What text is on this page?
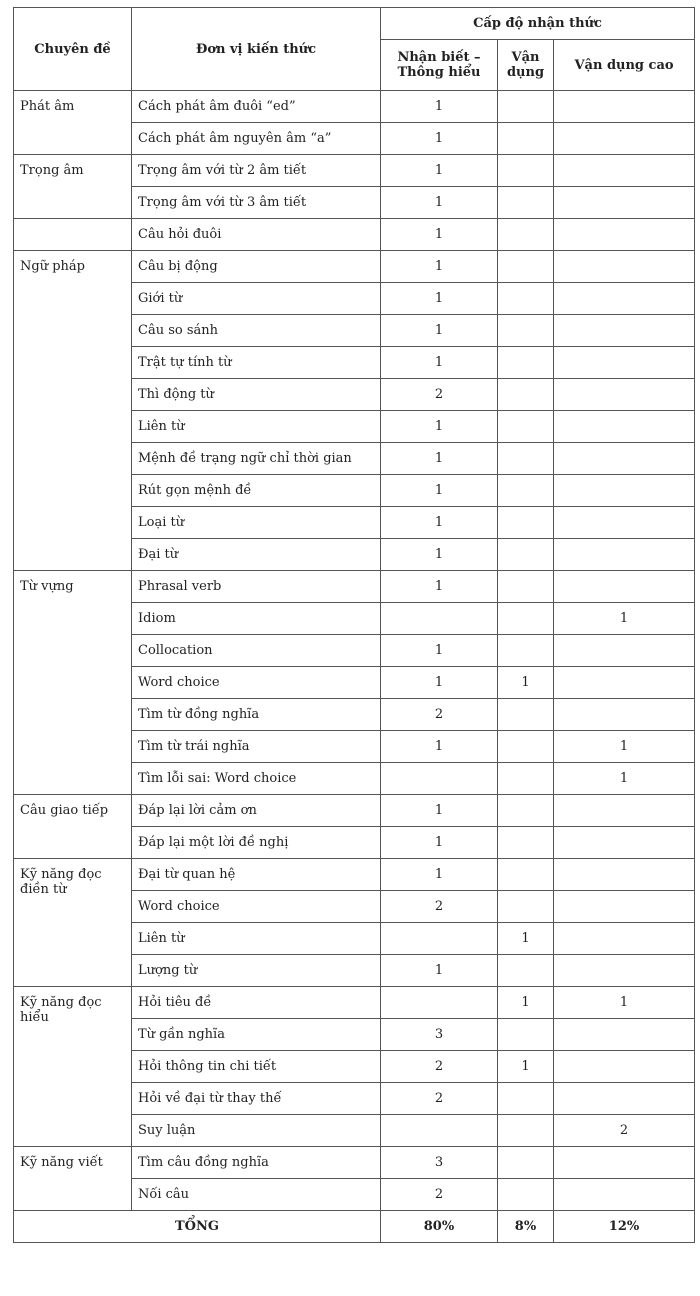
Chuyên đề	Đơn vị kiến thức	Cấp độ nhận thức		
		Nhận biết – Thông hiểu	Vận dụng	Vận dụng cao
Phát âm	Cách phát âm đuôi “ed”	1		
	Cách phát âm nguyên âm “a”	1		
Trọng âm	Trọng âm với từ 2 âm tiết	1		
	Trọng âm với từ 3 âm tiết	1		
	Câu hỏi đuôi	1		
Ngữ pháp	Câu bị động	1		
	Giới từ	1		
	Câu so sánh	1		
	Trật tự tính từ	1		
	Thì động từ	2		
	Liên từ	1		
	Mệnh đề trạng ngữ chỉ thời gian	1		
	Rút gọn mệnh đề	1		
	Loại từ	1		
	Đại từ	1		
Từ vựng	Phrasal verb	1		
	Idiom			1
	Collocation	1		
	Word choice	1	1	
	Tìm từ đồng nghĩa	2		
	Tìm từ trái nghĩa	1		1
	Tìm lỗi sai: Word choice			1
Câu giao tiếp	Đáp lại lời cảm ơn	1		
	Đáp lại một lời đề nghị	1		
Kỹ năng đọc điền từ	Đại từ quan hệ	1		
	Word choice	2		
	Liên từ		1	
	Lượng từ	1		
Kỹ năng đọc hiểu	Hỏi tiêu đề		1	1
	Từ gần nghĩa	3		
	Hỏi thông tin chi tiết	2	1	
	Hỏi về đại từ thay thế	2		
	Suy luận			2
Kỹ năng viết	Tìm câu đồng nghĩa	3		
	Nối câu	2		
TỔNG		80%	8%	12%
